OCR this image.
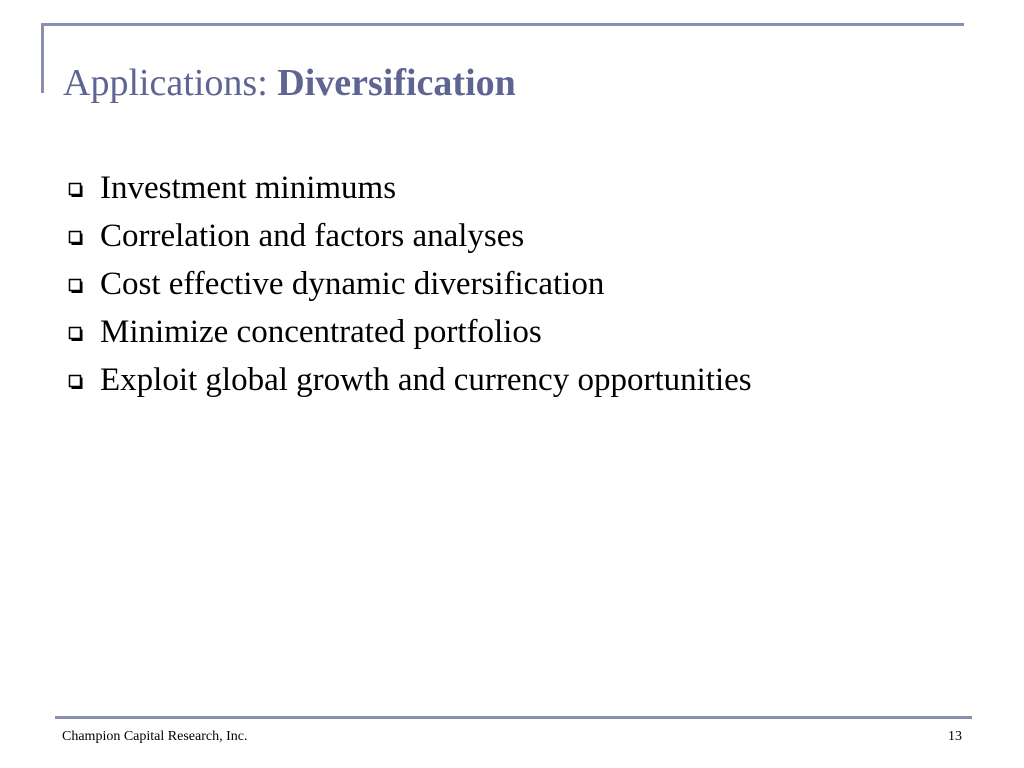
Applications: Diversification
Investment minimums
Correlation and factors analyses
Cost effective dynamic diversification
Minimize concentrated portfolios
Exploit global growth and currency opportunities
Champion Capital Research, Inc.	13
